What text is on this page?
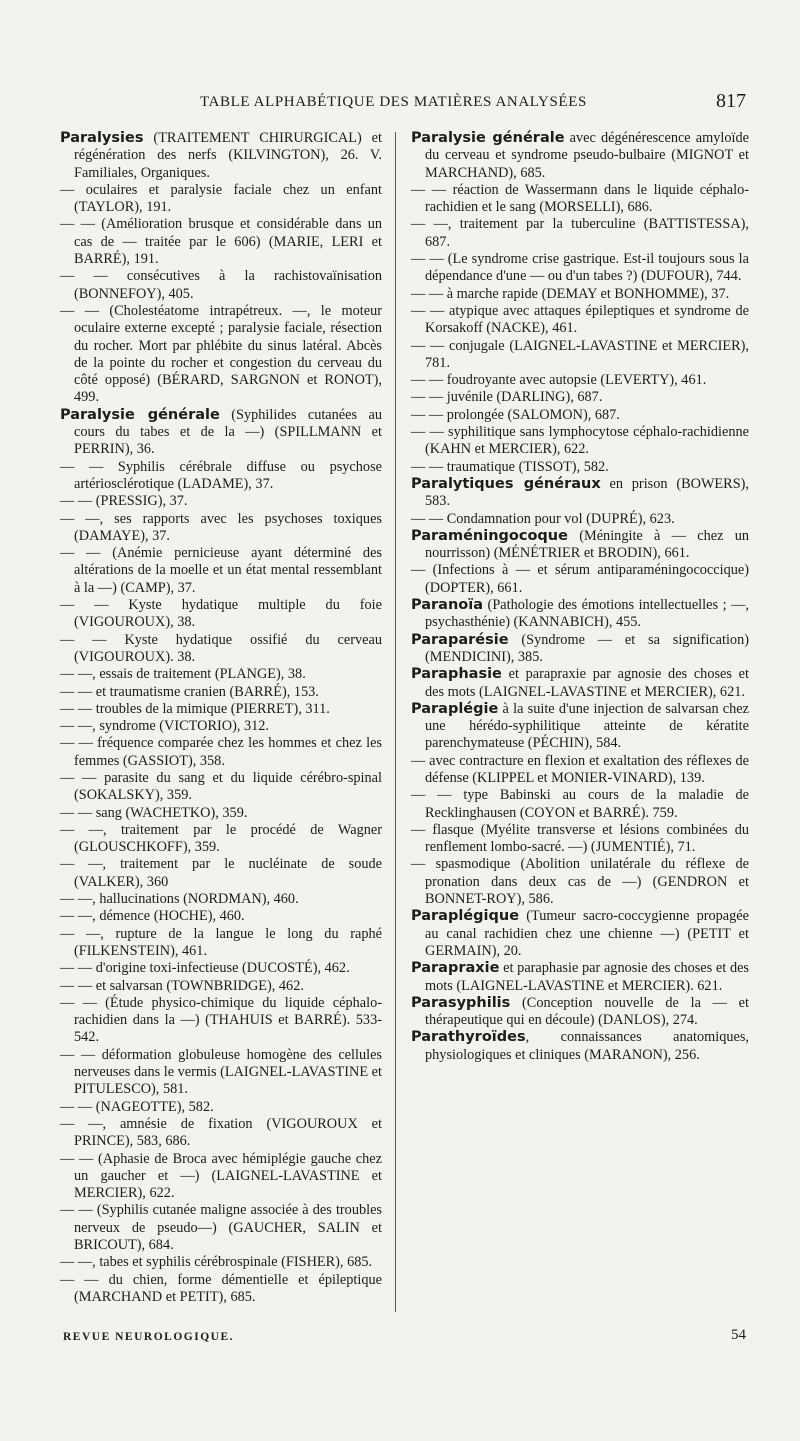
TABLE ALPHABÉTIQUE DES MATIÈRES ANALYSÉES	817

Paralysies (TRAITEMENT CHIRURGICAL) et régénération des nerfs (KILVINGTON), 26. V. Familiales, Organiques.

— oculaires et paralysie faciale chez un enfant (TAYLOR), 191.

— — (Amélioration brusque et considérable dans un cas de — traitée par le 606) (MARIE, LERI et BARRÉ), 191.

— — consécutives à la rachistovaïnisation (BONNEFOY), 405.

— — (Cholestéatome intrapétreux. —, le moteur oculaire externe excepté ; paralysie faciale, résection du rocher. Mort par phlébite du sinus latéral. Abcès de la pointe du rocher et congestion du cerveau du côté opposé) (BÉRARD, SARGNON et RONOT), 499.

Paralysie générale (Syphilides cutanées au cours du tabes et de la —) (SPILLMANN et PERRIN), 36.

— — Syphilis cérébrale diffuse ou psychose artériosclérotique (LADAME), 37.

— — (PRESSIG), 37.

— —, ses rapports avec les psychoses toxiques (DAMAYE), 37.

— — (Anémie pernicieuse ayant déterminé des altérations de la moelle et un état mental ressemblant à la —) (CAMP), 37.

— — Kyste hydatique multiple du foie (VIGOUROUX), 38.

— — Kyste hydatique ossifié du cerveau (VIGOUROUX). 38.

— —, essais de traitement (PLANGE), 38.

— — et traumatisme cranien (BARRÉ), 153.

— — troubles de la mimique (PIERRET), 311.

— —, syndrome (VICTORIO), 312.

— — fréquence comparée chez les hommes et chez les femmes (GASSIOT), 358.

— — parasite du sang et du liquide cérébro-spinal (SOKALSKY), 359.

— — sang (WACHETKO), 359.

— —, traitement par le procédé de Wagner (GLOUSCHKOFF), 359.

— —, traitement par le nucléinate de soude (VALKER), 360

— —, hallucinations (NORDMAN), 460.

— —, démence (HOCHE), 460.

— —, rupture de la langue le long du raphé (FILKENSTEIN), 461.

— — d'origine toxi-infectieuse (DUCOSTÉ), 462.

— — et salvarsan (TOWNBRIDGE), 462.

— — (Étude physico-chimique du liquide céphalo-rachidien dans la —) (THAHUIS et BARRÉ). 533-542.

— — déformation globuleuse homogène des cellules nerveuses dans le vermis (LAIGNEL-LAVASTINE et PITULESCO), 581.

— — (NAGEOTTE), 582.

— —, amnésie de fixation (VIGOUROUX et PRINCE), 583, 686.

— — (Aphasie de Broca avec hémiplégie gauche chez un gaucher et —) (LAIGNEL-LAVASTINE et MERCIER), 622.

— — (Syphilis cutanée maligne associée à des troubles nerveux de pseudo—) (GAUCHER, SALIN et BRICOUT), 684.

— —, tabes et syphilis cérébrospinale (FISHER), 685.

— — du chien, forme démentielle et épileptique (MARCHAND et PETIT), 685.

Paralysie générale avec dégénérescence amyloïde du cerveau et syndrome pseudo-bulbaire (MIGNOT et MARCHAND), 685.

— — réaction de Wassermann dans le liquide céphalo-rachidien et le sang (MORSELLI), 686.

— —, traitement par la tuberculine (BATTISTESSA), 687.

— — (Le syndrome crise gastrique. Est-il toujours sous la dépendance d'une — ou d'un tabes ?) (DUFOUR), 744.

— — à marche rapide (DEMAY et BONHOMME), 37.

— — atypique avec attaques épileptiques et syndrome de Korsakoff (NACKE), 461.

— — conjugale (LAIGNEL-LAVASTINE et MERCIER), 781.

— — foudroyante avec autopsie (LEVERTY), 461.

— — juvénile (DARLING), 687.

— — prolongée (SALOMON), 687.

— — syphilitique sans lymphocytose céphalo-rachidienne (KAHN et MERCIER), 622.

— — traumatique (TISSOT), 582.

Paralytiques généraux en prison (BOWERS), 583.

— — Condamnation pour vol (DUPRÉ), 623.

Paraméningocoque (Méningite à — chez un nourrisson) (MÉNÉTRIER et BRODIN), 661.

— (Infections à — et sérum antiparaméningococcique) (DOPTER), 661.

Paranoïa (Pathologie des émotions intellectuelles ; —, psychasthénie) (KANNABICH), 455.

Paraparésie (Syndrome — et sa signification) (MENDICINI), 385.

Paraphasie et parapraxie par agnosie des choses et des mots (LAIGNEL-LAVASTINE et MERCIER), 621.

Paraplégie à la suite d'une injection de salvarsan chez une hérédo-syphilitique atteinte de kératite parenchymateuse (PÉCHIN), 584.

— avec contracture en flexion et exaltation des réflexes de défense (KLIPPEL et MONIER-VINARD), 139.

— — type Babinski au cours de la maladie de Recklinghausen (COYON et BARRÉ). 759.

— flasque (Myélite transverse et lésions combinées du renflement lombo-sacré. —) (JUMENTIÉ), 71.

— spasmodique (Abolition unilatérale du réflexe de pronation dans deux cas de —) (GENDRON et BONNET-ROY), 586.

Paraplégique (Tumeur sacro-coccygienne propagée au canal rachidien chez une chienne —) (PETIT et GERMAIN), 20.

Parapraxie et paraphasie par agnosie des choses et des mots (LAIGNEL-LAVASTINE et MERCIER). 621.

Parasyphilis (Conception nouvelle de la — et thérapeutique qui en découle) (DANLOS), 274.

Parathyroïdes, connaissances anatomiques, physiologiques et cliniques (MARANON), 256.

REVUE NEUROLOGIQUE.	54
